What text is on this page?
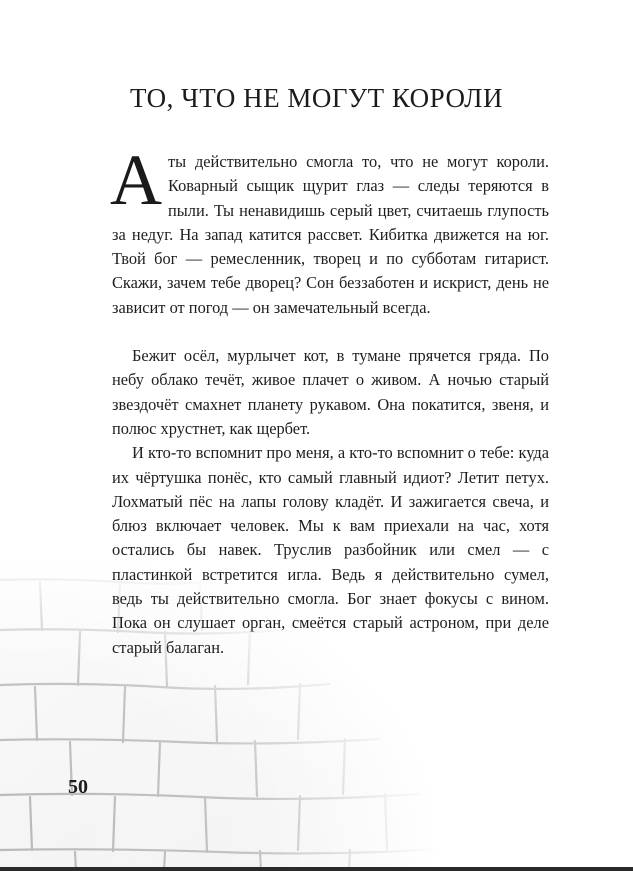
ТО, ЧТО НЕ МОГУТ КОРОЛИ

Аты действительно смогла то, что не могут короли. Коварный сыщик щурит глаз — следы теряются в пыли. Ты ненавидишь серый цвет, считаешь глупость за недуг. На запад катится рассвет. Кибитка движется на юг. Твой бог — ремесленник, творец и по субботам гитарист. Скажи, зачем тебе дворец? Сон беззаботен и искрист, день не зависит от погод — он замечательный всегда.

Бежит осёл, мурлычет кот, в тумане прячется гряда. По небу облако течёт, живое плачет о живом. А ночью старый звездочёт смахнет планету рукавом. Она покатится, звеня, и полюс хрустнет, как щербет.

И кто-то вспомнит про меня, а кто-то вспомнит о тебе: куда их чёртушка понёс, кто самый главный идиот? Летит петух. Лохматый пёс на лапы голову кладёт. И зажигается свеча, и блюз включает человек. Мы к вам приехали на час, хотя остались бы навек. Труслив разбойник или смел — с пластинкой встретится игла. Ведь я действительно сумел, ведь ты действительно смогла. Бог знает фокусы с вином. Пока он слушает орган, смеётся старый астроном, при деле старый балаган.

50
